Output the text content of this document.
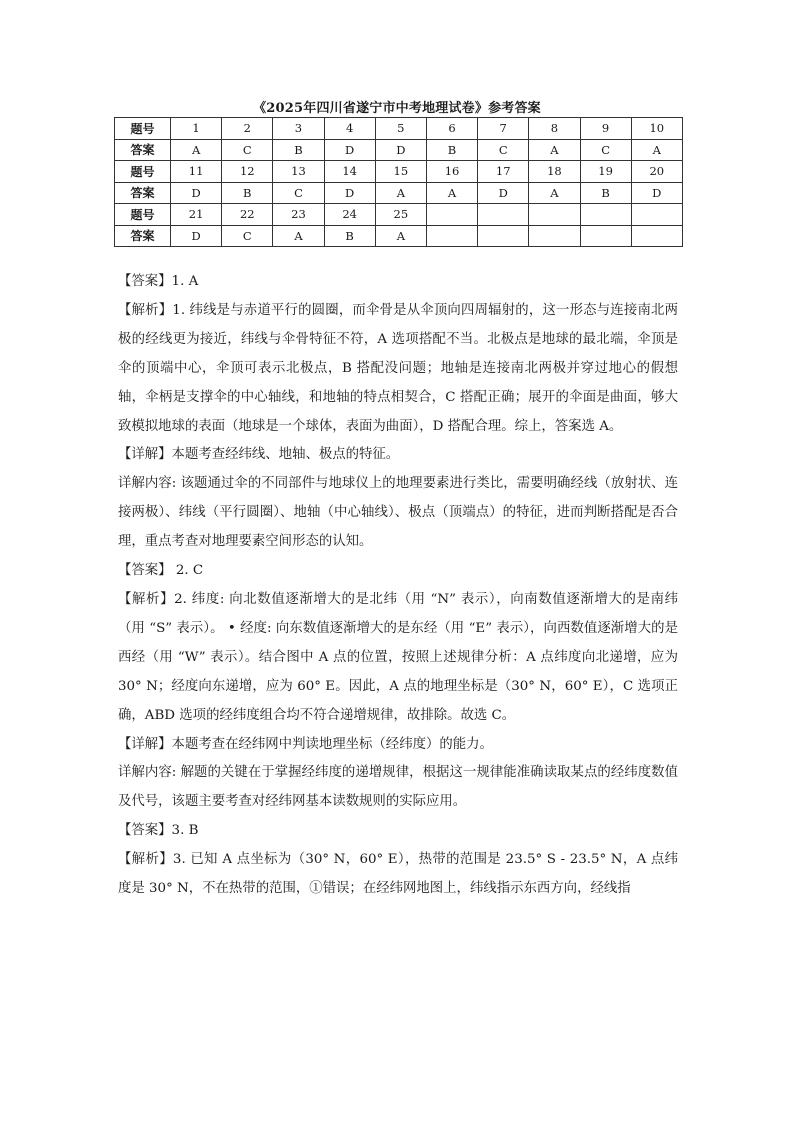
《2025年四川省遂宁市中考地理试卷》参考答案
题号	1	2	3	4	5	6	7	8	9	10
答案	A	C	B	D	D	B	C	A	C	A
题号	11	12	13	14	15	16	17	18	19	20
答案	D	B	C	D	A	A	D	A	B	D
题号	21	22	23	24	25					
答案	D	C	A	B	A					

【答案】1. A

【解析】1. 纬线是与赤道平行的圆圈，而伞骨是从伞顶向四周辐射的，这一形态与连接南北两极的经线更为接近，纬线与伞骨特征不符，A 选项搭配不当。北极点是地球的最北端，伞顶是伞的顶端中心，伞顶可表示北极点，B 搭配没问题；地轴是连接南北两极并穿过地心的假想轴，伞柄是支撑伞的中心轴线，和地轴的特点相契合，C 搭配正确；展开的伞面是曲面，够大致模拟地球的表面（地球是一个球体，表面为曲面），D 搭配合理。综上，答案选 A。

【详解】本题考查经纬线、地轴、极点的特征。

详解内容: 该题通过伞的不同部件与地球仪上的地理要素进行类比，需要明确经线（放射状、连接两极）、纬线（平行圆圈）、地轴（中心轴线）、极点（顶端点）的特征，进而判断搭配是否合理，重点考查对地理要素空间形态的认知。

【答案】 2. C

【解析】2. 纬度: 向北数值逐渐增大的是北纬（用 “N” 表示），向南数值逐渐增大的是南纬（用 “S” 表示）。 • 经度: 向东数值逐渐增大的是东经（用 “E” 表示），向西数值逐渐增大的是西经（用 “W” 表示）。结合图中 A 点的位置，按照上述规律分析：A 点纬度向北递增，应为 30° N；经度向东递增，应为 60° E。因此，A 点的地理坐标是（30° N，60° E），C 选项正确，ABD 选项的经纬度组合均不符合递增规律，故排除。故选 C。

【详解】本题考查在经纬网中判读地理坐标（经纬度）的能力。

详解内容: 解题的关键在于掌握经纬度的递增规律，根据这一规律能准确读取某点的经纬度数值及代号，该题主要考查对经纬网基本读数规则的实际应用。

【答案】3. B

【解析】3. 已知 A 点坐标为（30° N，60° E），热带的范围是 23.5° S - 23.5° N，A 点纬度是 30° N，不在热带的范围，①错误；在经纬网地图上，纬线指示东西方向，经线指
